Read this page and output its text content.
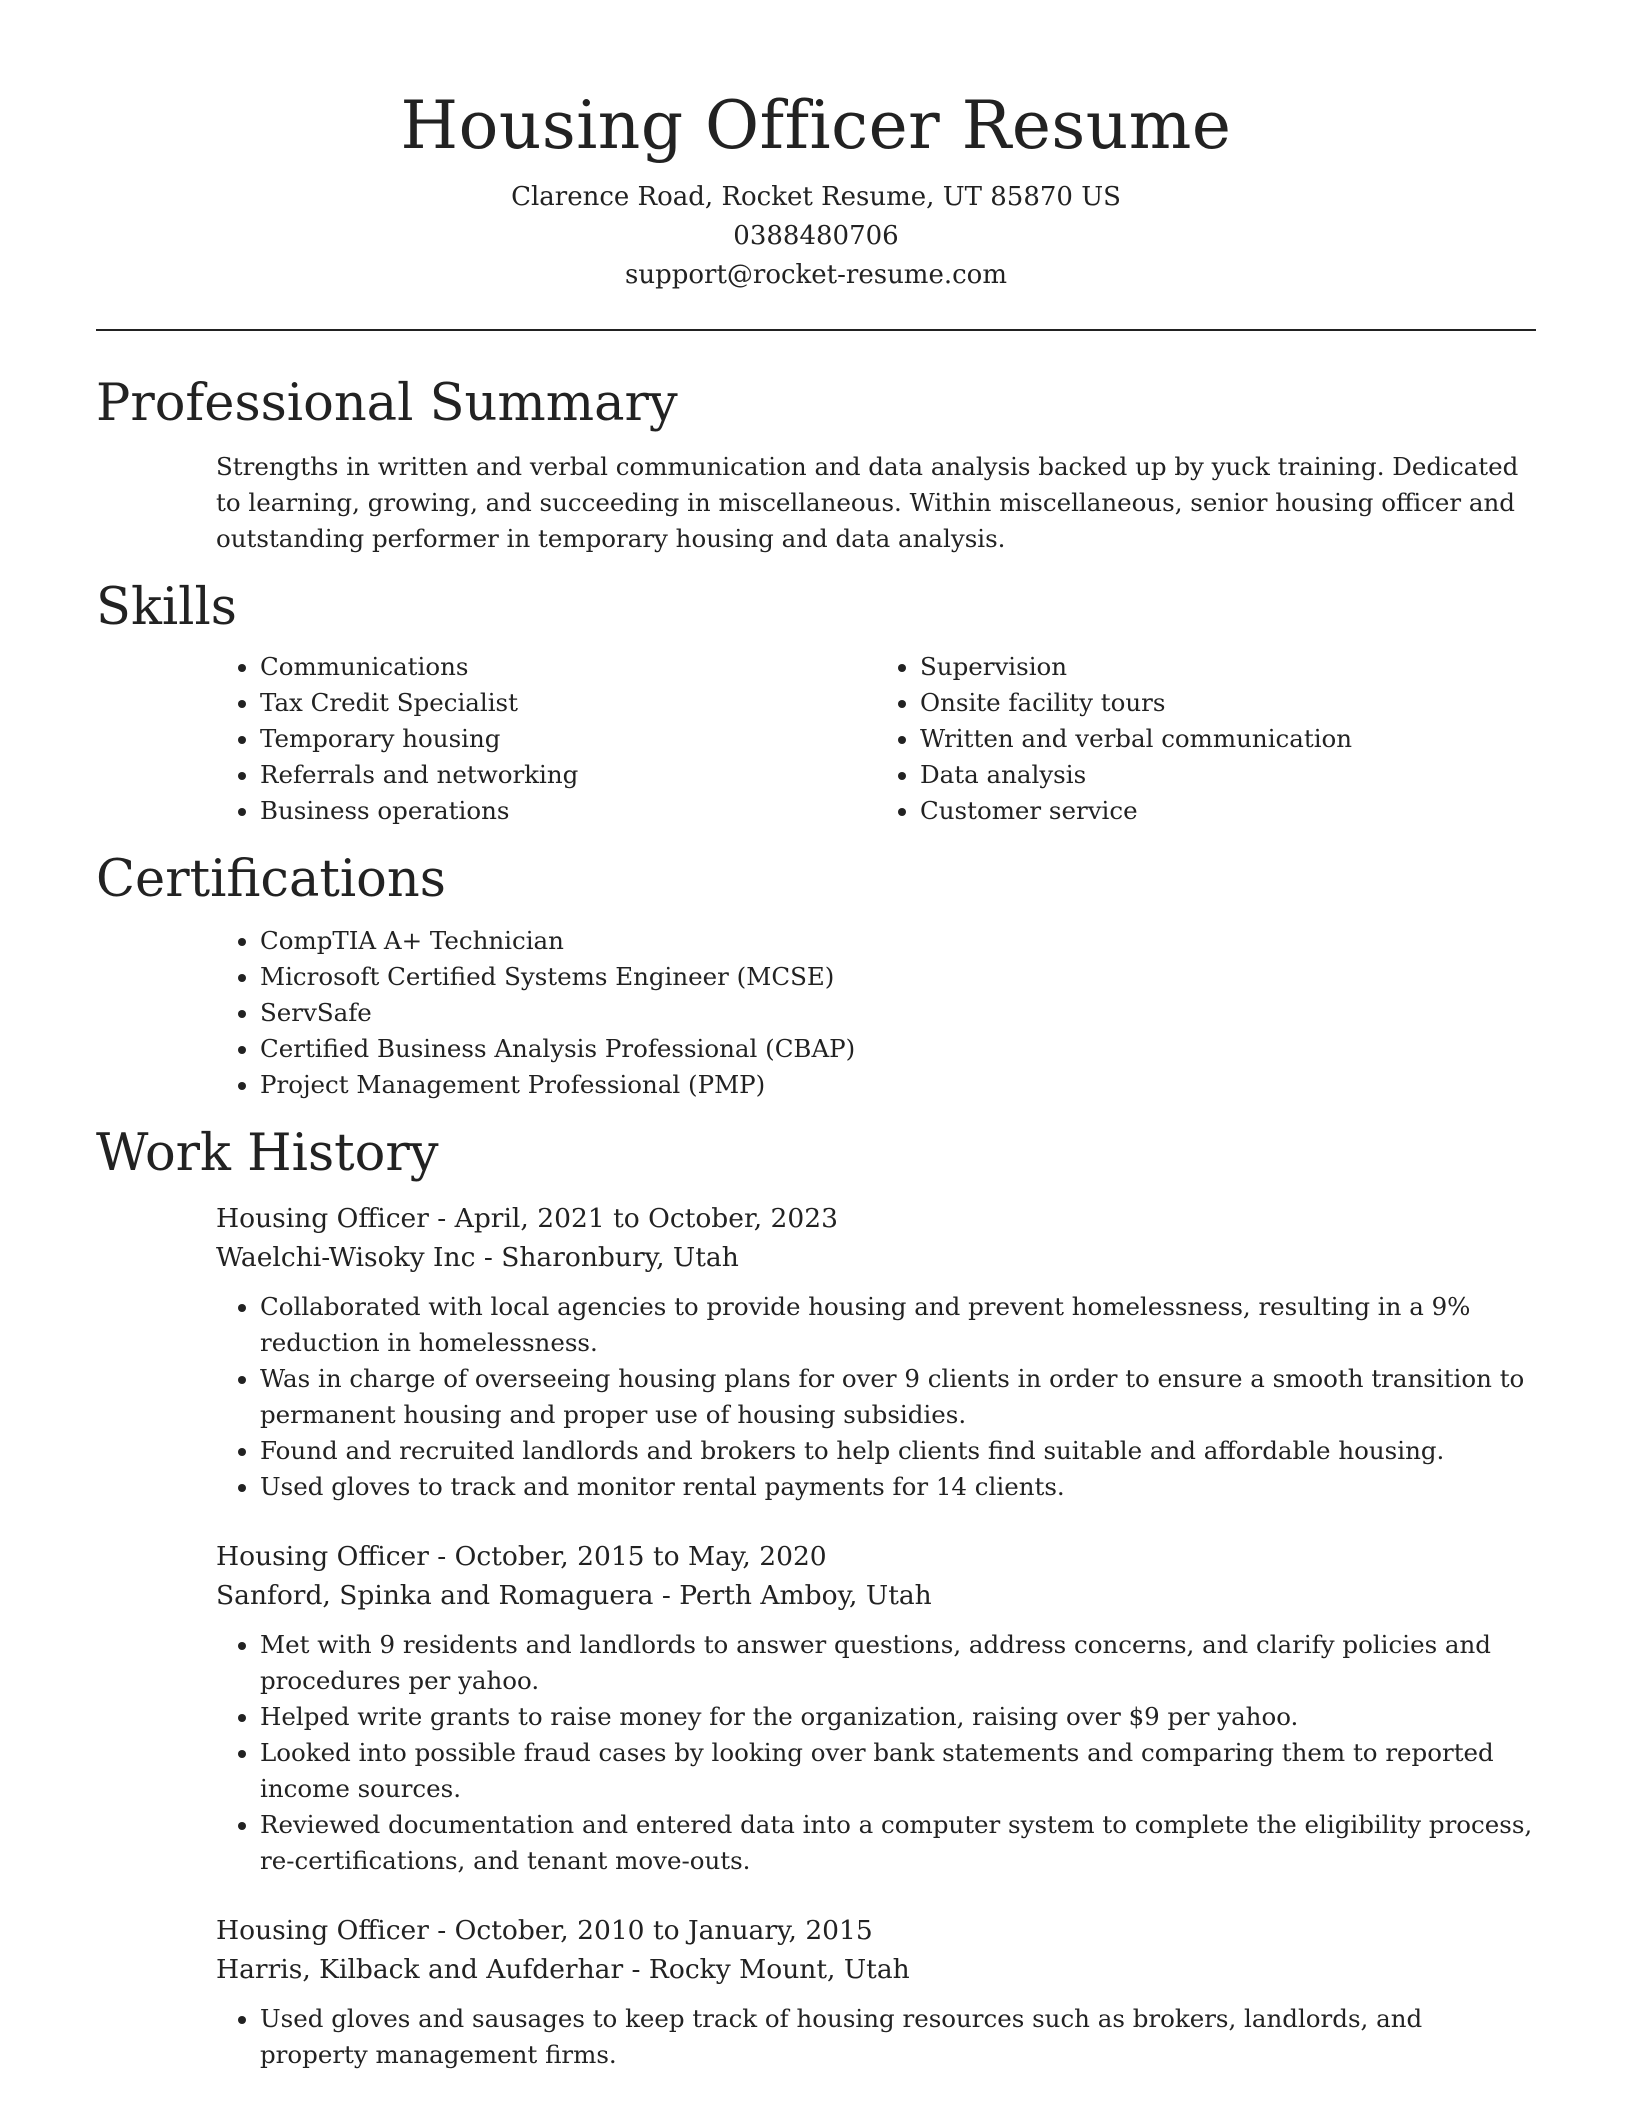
Housing Officer Resume
Clarence Road, Rocket Resume, UT 85870 US
0388480706
support@rocket-resume.com
Professional Summary
Strengths in written and verbal communication and data analysis backed up by yuck training. Dedicated to learning, growing, and succeeding in miscellaneous. Within miscellaneous, senior housing officer and outstanding performer in temporary housing and data analysis.
Skills
• Communications
• Tax Credit Specialist
• Temporary housing
• Referrals and networking
• Business operations
• Supervision
• Onsite facility tours
• Written and verbal communication
• Data analysis
• Customer service
Certifications
• CompTIA A+ Technician
• Microsoft Certified Systems Engineer (MCSE)
• ServSafe
• Certified Business Analysis Professional (CBAP)
• Project Management Professional (PMP)
Work History
Housing Officer - April, 2021 to October, 2023
Waelchi-Wisoky Inc - Sharonbury, Utah
• Collaborated with local agencies to provide housing and prevent homelessness, resulting in a 9% reduction in homelessness.
• Was in charge of overseeing housing plans for over 9 clients in order to ensure a smooth transition to permanent housing and proper use of housing subsidies.
• Found and recruited landlords and brokers to help clients find suitable and affordable housing.
• Used gloves to track and monitor rental payments for 14 clients.
Housing Officer - October, 2015 to May, 2020
Sanford, Spinka and Romaguera - Perth Amboy, Utah
• Met with 9 residents and landlords to answer questions, address concerns, and clarify policies and procedures per yahoo.
• Helped write grants to raise money for the organization, raising over $9 per yahoo.
• Looked into possible fraud cases by looking over bank statements and comparing them to reported income sources.
• Reviewed documentation and entered data into a computer system to complete the eligibility process, re-certifications, and tenant move-outs.
Housing Officer - October, 2010 to January, 2015
Harris, Kilback and Aufderhar - Rocky Mount, Utah
• Used gloves and sausages to keep track of housing resources such as brokers, landlords, and property management firms.
